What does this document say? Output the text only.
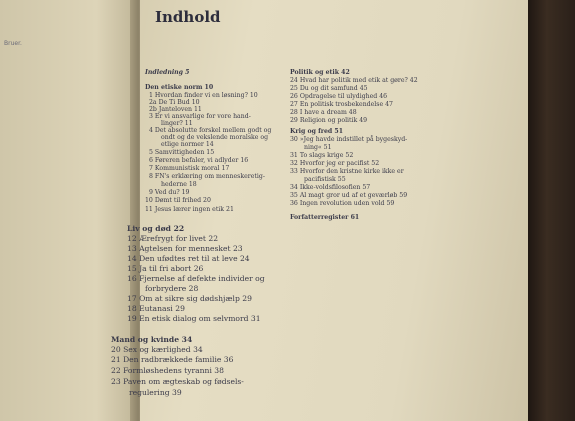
Bruer.
Indhold
Indledning 5
Den etiske norm 10
1 Hvordan finder vi en løsning? 10
2a De Ti Bud 10
2b Janteloven 11
3 Er vi ansvarlige for vore hand-
linger? 11
4 Det absolutte forskel mellem godt og
ondt og de vekslende moralske og
etlige normer 14
5 Samvittigheden 15
6 Føreren befaler, vi adlyder 16
7 Kommunistisk moral 17
8 FN's erklæring om menneskeretig-
hederne 18
9 Ved du? 19
10 Dømt til frihed 20
11 Jesus lærer ingen etik 21
Liv og død 22
12 Ærefrygt for livet 22
13 Agtelsen for mennesket 23
14 Den ufødtes ret til at leve 24
15 Ja til fri abort 26
16 Fjernelse af defekte individer og
forbrydere 28
17 Om at sikre sig dødshjælp 29
18 Eutanasi 29
19 En etisk dialog om selvmord 31
Mand og kvinde 34
20 Sex og kærlighed 34
21 Den radbrækkede familie 36
22 Formløshedens tyranni 38
23 Paven om ægteskab og fødsels-
regulering 39
Politik og etik 42
24 Hvad har politik med etik at gøre? 42
25 Du og dit samfund 45
26 Opdragelse til ulydighed 46
27 En politisk trosbekendelse 47
28 I have a dream 48
29 Religion og politik 49
Krig og fred 51
30 »Jeg havde indstillet på bygeskyd-
ning« 51
31 To slags krige 52
32 Hvorfor jeg er pacifist 52
33 Hvorfor den kristne kirke ikke er
pacifistisk 55
34 Ikke-voldsfilosofien 57
35 Al magt gror ud af et geværløb 59
36 Ingen revolution uden vold 59
Forfatterregister 61
